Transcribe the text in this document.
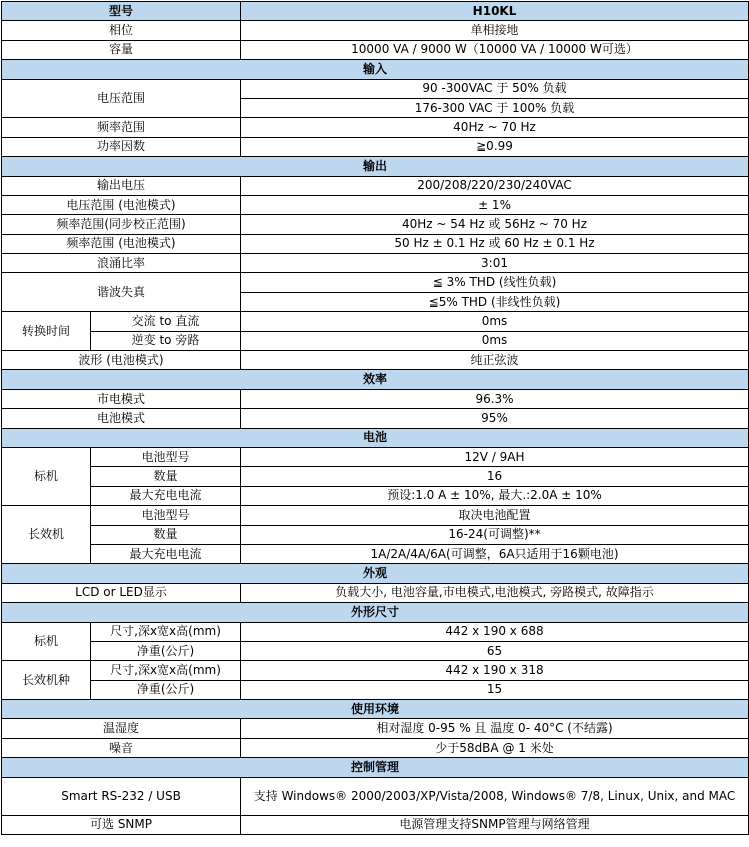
型号		H10KL
相位		单相接地
容量		10000 VA / 9000 W（10000 VA / 10000 W可选）
输入		
电压范围		90 -300VAC 于 50% 负载
		176-300 VAC 于 100% 负载
频率范围		40Hz ~ 70 Hz
功率因数		≧0.99
输出		
输出电压		200/208/220/230/240VAC
电压范围 (电池模式)		± 1%
频率范围(同步校正范围)		40Hz ~ 54 Hz 或 56Hz ~ 70 Hz
频率范围 (电池模式)		50 Hz ± 0.1 Hz 或 60 Hz ± 0.1 Hz
浪涌比率		3:01
谐波失真		≦ 3% THD (线性负载)
		≦5% THD (非线性负载)
转换时间	交流 to 直流	0ms
	逆变 to 旁路	0ms
波形 (电池模式)		纯正弦波
效率		
市电模式		96.3%
电池模式		95%
电池		
标机	电池型号	12V / 9AH
	数量	16
	最大充电电流	预设:1.0 A ± 10%, 最大.:2.0A ± 10%
长效机	电池型号	取决电池配置
	数量	16-24(可调整)**
	最大充电电流	1A/2A/4A/6A(可调整，6A只适用于16颗电池)
外观		
LCD or LED显示		负载大小, 电池容量,市电模式,电池模式, 旁路模式, 故障指示
外形尺寸		
标机	尺寸,深x宽x高(mm)	442 x 190 x 688
	净重(公斤)	65
长效机种	尺寸,深x宽x高(mm)	442 x 190 x 318
	净重(公斤)	15
使用环境		
温湿度		相对湿度 0-95 % 且 温度 0- 40°C (不结露)
噪音		少于58dBA @ 1 米处
控制管理		
Smart RS-232 / USB		支持 Windows® 2000/2003/XP/Vista/2008, Windows® 7/8, Linux, Unix, and MAC
可选 SNMP		电源管理支持SNMP管理与网络管理
